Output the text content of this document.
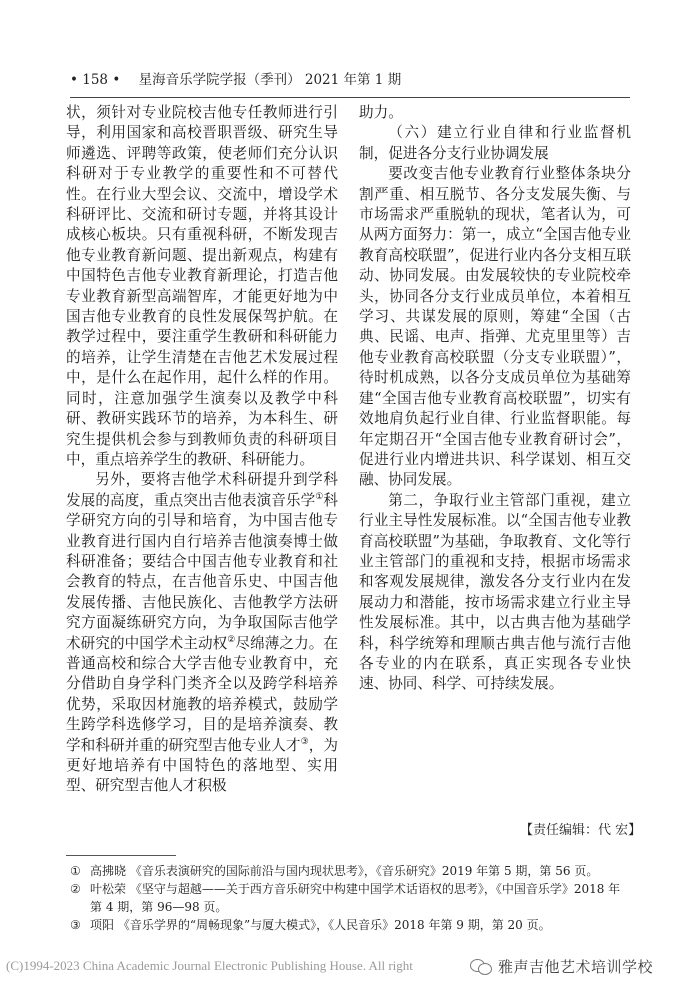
• 158 • 星海音乐学院学报（季刊） 2021 年第 1 期

状，须针对专业院校吉他专任教师进行引导，利用国家和高校晋职晋级、研究生导师遴选、评聘等政策，使老师们充分认识科研对于专业教学的重要性和不可替代性。在行业大型会议、交流中，增设学术科研评比、交流和研讨专题，并将其设计成核心板块。只有重视科研，不断发现吉他专业教育新问题、提出新观点，构建有中国特色吉他专业教育新理论，打造吉他专业教育新型高端智库，才能更好地为中国吉他专业教育的良性发展保驾护航。在教学过程中，要注重学生教研和科研能力的培养，让学生清楚在吉他艺术发展过程中，是什么在起作用，起什么样的作用。同时，注意加强学生演奏以及教学中科研、教研实践环节的培养，为本科生、研究生提供机会参与到教师负责的科研项目中，重点培养学生的教研、科研能力。

另外，要将吉他学术科研提升到学科发展的高度，重点突出吉他表演音乐学①科学研究方向的引导和培育，为中国吉他专业教育进行国内自行培养吉他演奏博士做科研准备；要结合中国吉他专业教育和社会教育的特点，在吉他音乐史、中国吉他发展传播、吉他民族化、吉他教学方法研究方面凝练研究方向，为争取国际吉他学术研究的中国学术主动权②尽绵薄之力。在普通高校和综合大学吉他专业教育中，充分借助自身学科门类齐全以及跨学科培养优势，采取因材施教的培养模式，鼓励学生跨学科选修学习，目的是培养演奏、教学和科研并重的研究型吉他专业人才③，为更好地培养有中国特色的落地型、实用型、研究型吉他人才积极

助力。

（六）建立行业自律和行业监督机制，促进各分支行业协调发展

要改变吉他专业教育行业整体条块分割严重、相互脱节、各分支发展失衡、与市场需求严重脱轨的现状，笔者认为，可从两方面努力：第一，成立“全国吉他专业教育高校联盟”，促进行业内各分支相互联动、协同发展。由发展较快的专业院校牵头，协同各分支行业成员单位，本着相互学习、共谋发展的原则，筹建“全国（古典、民谣、电声、指弹、尤克里里等）吉他专业教育高校联盟（分支专业联盟）”，待时机成熟，以各分支成员单位为基础筹建“全国吉他专业教育高校联盟”，切实有效地肩负起行业自律、行业监督职能。每年定期召开“全国吉他专业教育研讨会”，促进行业内增进共识、科学谋划、相互交融、协同发展。

第二，争取行业主管部门重视，建立行业主导性发展标准。以“全国吉他专业教育高校联盟”为基础，争取教育、文化等行业主管部门的重视和支持，根据市场需求和客观发展规律，激发各分支行业内在发展动力和潜能，按市场需求建立行业主导性发展标准。其中，以古典吉他为基础学科，科学统筹和理顺古典吉他与流行吉他各专业的内在联系，真正实现各专业快速、协同、科学、可持续发展。

【责任编辑：代 宏】
① 高拂晓 《音乐表演研究的国际前沿与国内现状思考》，《音乐研究》2019 年第 5 期，第 56 页。
② 叶松荣 《坚守与超越——关于西方音乐研究中构建中国学术话语权的思考》，《中国音乐学》2018 年第 4 期，第 96—98 页。
③ 项阳 《音乐学界的“周畅现象”与厦大模式》，《人民音乐》2018 年第 9 期，第 20 页。
(C)1994-2023 China Academic Journal Electronic Publishing House. All right	雅声吉他艺术培训学校
